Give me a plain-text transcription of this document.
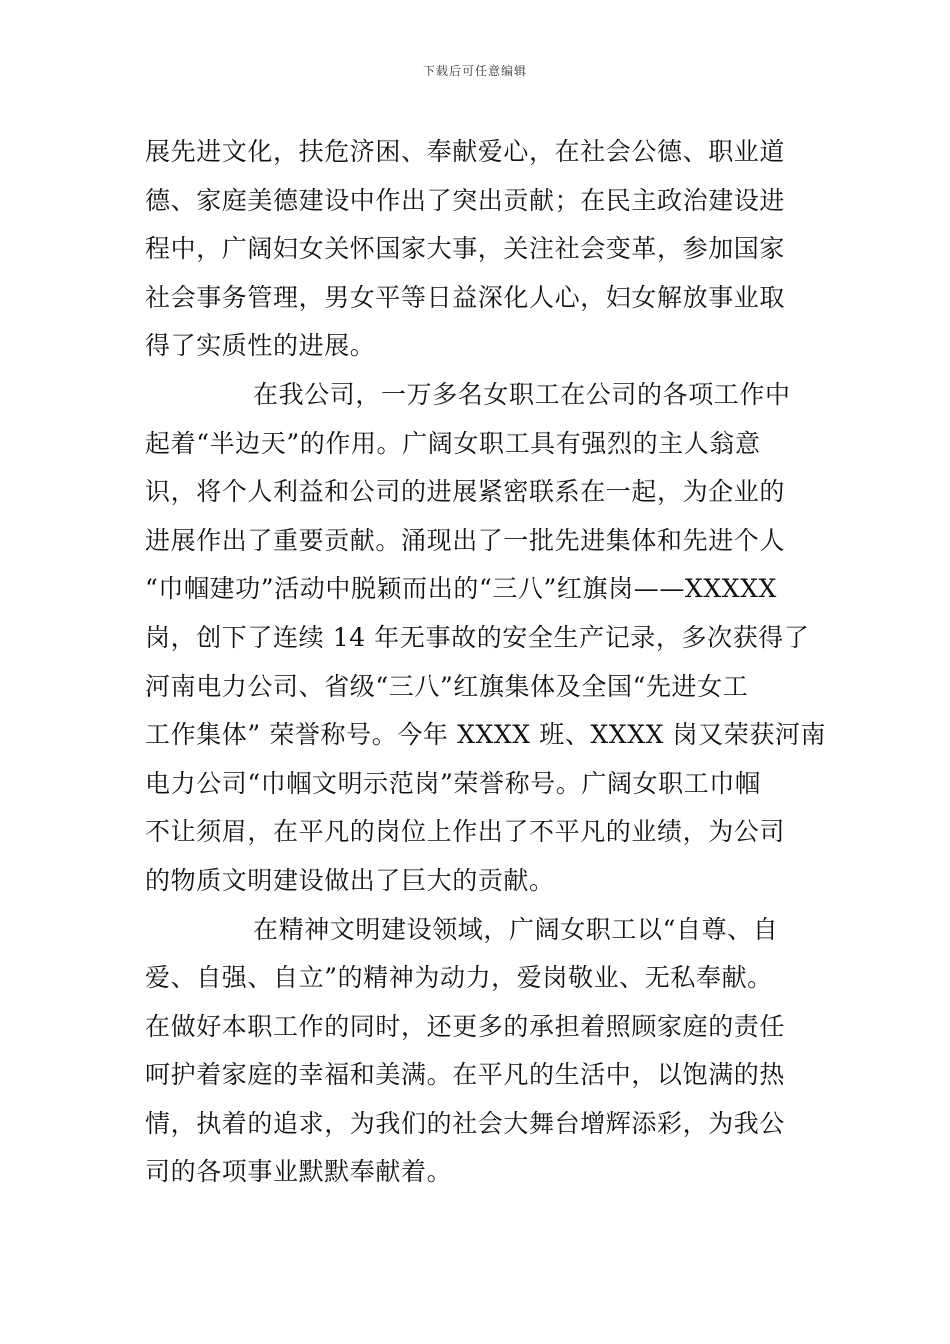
下载后可任意编辑
展先进文化，扶危济困、奉献爱心，在社会公德、职业道
德、家庭美德建设中作出了突出贡献；在民主政治建设进
程中，广阔妇女关怀国家大事，关注社会变革，参加国家
社会事务管理，男女平等日益深化人心，妇女解放事业取
得了实质性的进展。
在我公司，一万多名女职工在公司的各项工作中
起着“半边天”的作用。广阔女职工具有强烈的主人翁意
识，将个人利益和公司的进展紧密联系在一起，为企业的
进展作出了重要贡献。涌现出了一批先进集体和先进个人
“巾帼建功”活动中脱颖而出的“三八”红旗岗——XXXXX
岗，创下了连续 14 年无事故的安全生产记录，多次获得了
河南电力公司、省级“三八”红旗集体及全国“先进女工
工作集体” 荣誉称号。今年 XXXX 班、XXXX 岗又荣获河南
电力公司“巾帼文明示范岗”荣誉称号。广阔女职工巾帼
不让须眉，在平凡的岗位上作出了不平凡的业绩，为公司
的物质文明建设做出了巨大的贡献。
在精神文明建设领域，广阔女职工以“自尊、自
爱、自强、自立”的精神为动力，爱岗敬业、无私奉献。
在做好本职工作的同时，还更多的承担着照顾家庭的责任
呵护着家庭的幸福和美满。在平凡的生活中，以饱满的热
情，执着的追求，为我们的社会大舞台增辉添彩，为我公
司的各项事业默默奉献着。
